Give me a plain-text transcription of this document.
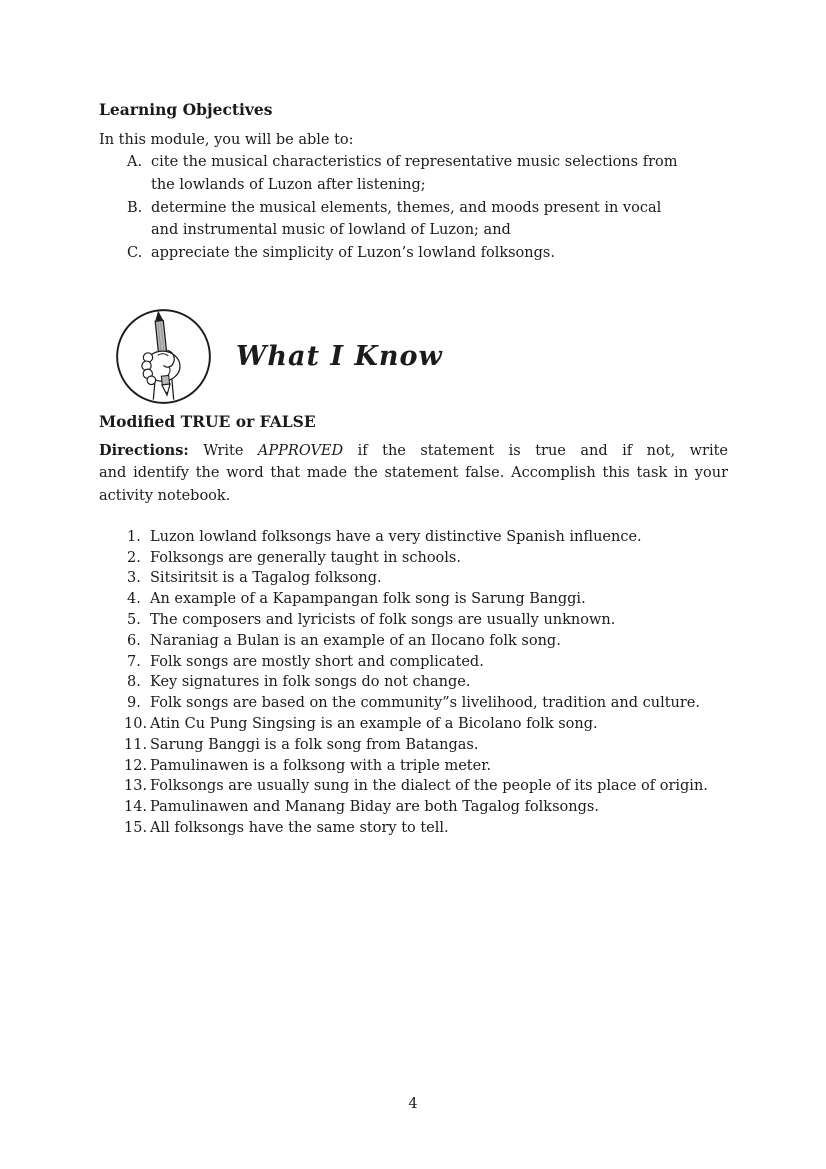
Learning Objectives
In this module, you will be able to:
A. cite the musical characteristics of representative music selections from the lowlands of Luzon after listening;
B. determine the musical elements, themes, and moods present in vocal and instrumental music of lowland of Luzon; and
C. appreciate the simplicity of Luzon’s lowland folksongs.
What I Know
Modified TRUE or FALSE
Directions: Write APPROVED if the statement is true and if not, write
and identify the word that made the statement false. Accomplish this task in your
activity notebook.
1. Luzon lowland folksongs have a very distinctive Spanish influence.
2. Folksongs are generally taught in schools.
3. Sitsiritsit is a Tagalog folksong.
4. An example of a Kapampangan folk song is Sarung Banggi.
5. The composers and lyricists of folk songs are usually unknown.
6. Naraniag a Bulan is an example of an Ilocano folk song.
7. Folk songs are mostly short and complicated.
8. Key signatures in folk songs do not change.
9. Folk songs are based on the community”s livelihood, tradition and culture.
10. Atin Cu Pung Singsing is an example of a Bicolano folk song.
11. Sarung Banggi is a folk song from Batangas.
12. Pamulinawen is a folksong with a triple meter.
13. Folksongs are usually sung in the dialect of the people of its place of origin.
14. Pamulinawen and Manang Biday are both Tagalog folksongs.
15. All folksongs have the same story to tell.
4
